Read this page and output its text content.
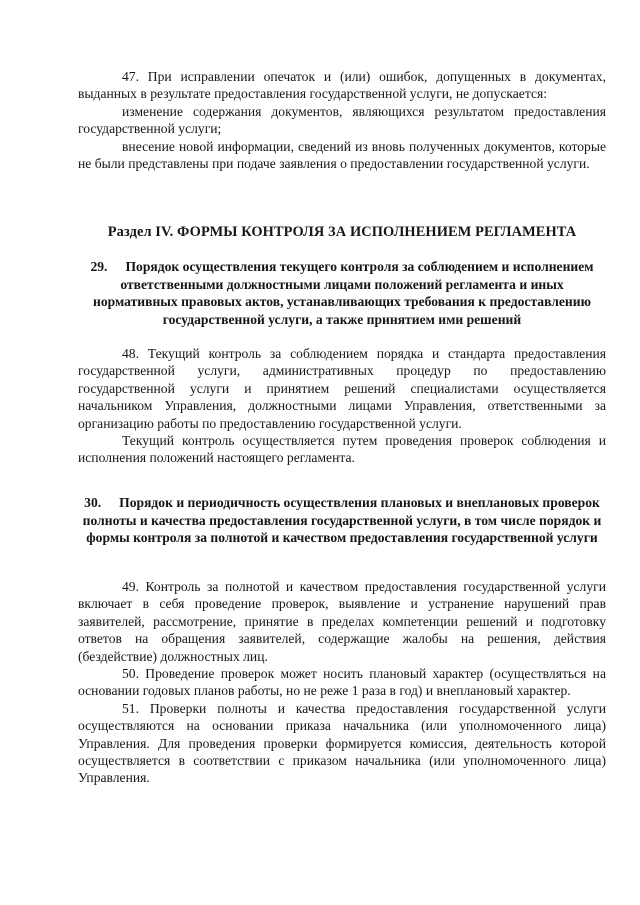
47. При исправлении опечаток и (или) ошибок, допущенных в документах, выданных в результате предоставления государственной услуги, не допускается:

изменение содержания документов, являющихся результатом предоставления государственной услуги;

внесение новой информации, сведений из вновь полученных документов, которые не были представлены при подаче заявления о предоставлении государственной услуги.

Раздел IV. ФОРМЫ КОНТРОЛЯ ЗА ИСПОЛНЕНИЕМ РЕГЛАМЕНТА
29. Порядок осуществления текущего контроля за соблюдением и исполнением ответственными должностными лицами положений регламента и иных нормативных правовых актов, устанавливающих требования к предоставлению государственной услуги, а также принятием ими решений

48. Текущий контроль за соблюдением порядка и стандарта предоставления государственной услуги, административных процедур по предоставлению государственной услуги и принятием решений специалистами осуществляется начальником Управления, должностными лицами Управления, ответственными за организацию работы по предоставлению государственной услуги.

Текущий контроль осуществляется путем проведения проверок соблюдения и исполнения положений настоящего регламента.

30. Порядок и периодичность осуществления плановых и внеплановых проверок полноты и качества предоставления государственной услуги, в том числе порядок и формы контроля за полнотой и качеством предоставления государственной услуги

49. Контроль за полнотой и качеством предоставления государственной услуги включает в себя проведение проверок, выявление и устранение нарушений прав заявителей, рассмотрение, принятие в пределах компетенции решений и подготовку ответов на обращения заявителей, содержащие жалобы на решения, действия (бездействие) должностных лиц.

50. Проведение проверок может носить плановый характер (осуществляться на основании годовых планов работы, но не реже 1 раза в год) и внеплановый характер.

51. Проверки полноты и качества предоставления государственной услуги осуществляются на основании приказа начальника (или уполномоченного лица) Управления. Для проведения проверки формируется комиссия, деятельность которой осуществляется в соответствии с приказом начальника (или уполномоченного лица) Управления.
